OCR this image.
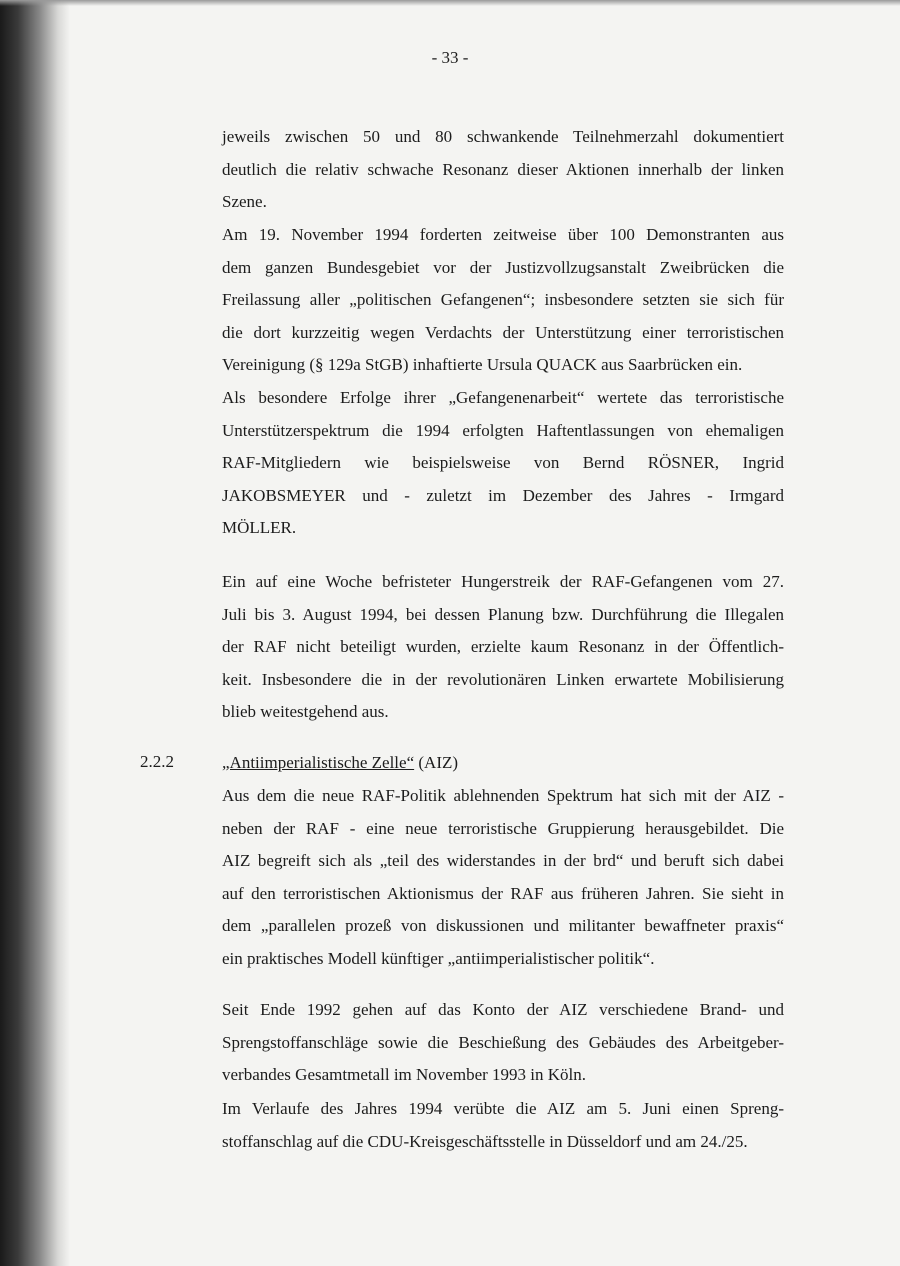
- 33 -

jeweils zwischen 50 und 80 schwankende Teilnehmerzahl dokumentiert
deutlich die relativ schwache Resonanz dieser Aktionen innerhalb der linken
Szene.

Am 19. November 1994 forderten zeitweise über 100 Demonstranten aus
dem ganzen Bundesgebiet vor der Justizvollzugsanstalt Zweibrücken die
Freilassung aller „politischen Gefangenen“; insbesondere setzten sie sich für
die dort kurzzeitig wegen Verdachts der Unterstützung einer terroristischen
Vereinigung (§ 129a StGB) inhaftierte Ursula QUACK aus Saarbrücken ein.

Als besondere Erfolge ihrer „Gefangenenarbeit“ wertete das terroristische
Unterstützerspektrum die 1994 erfolgten Haftentlassungen von ehemaligen
RAF-Mitgliedern wie beispielsweise von Bernd RÖSNER, Ingrid
JAKOBSMEYER und - zuletzt im Dezember des Jahres - Irmgard
MÖLLER.

Ein auf eine Woche befristeter Hungerstreik der RAF-Gefangenen vom 27.
Juli bis 3. August 1994, bei dessen Planung bzw. Durchführung die Illegalen
der RAF nicht beteiligt wurden, erzielte kaum Resonanz in der Öffentlich-
keit. Insbesondere die in der revolutionären Linken erwartete Mobilisierung
blieb weitestgehend aus.

2.2.2	„Antiimperialistische Zelle“ (AIZ)

Aus dem die neue RAF-Politik ablehnenden Spektrum hat sich mit der AIZ -
neben der RAF - eine neue terroristische Gruppierung herausgebildet. Die
AIZ begreift sich als „teil des widerstandes in der brd“ und beruft sich dabei
auf den terroristischen Aktionismus der RAF aus früheren Jahren. Sie sieht in
dem „parallelen prozeß von diskussionen und militanter bewaffneter praxis“
ein praktisches Modell künftiger „antiimperialistischer politik“.

Seit Ende 1992 gehen auf das Konto der AIZ verschiedene Brand- und
Sprengstoffanschläge sowie die Beschießung des Gebäudes des Arbeitgeber-
verbandes Gesamtmetall im November 1993 in Köln.

Im Verlaufe des Jahres 1994 verübte die AIZ am 5. Juni einen Spreng-
stoffanschlag auf die CDU-Kreisgeschäftsstelle in Düsseldorf und am 24./25.
